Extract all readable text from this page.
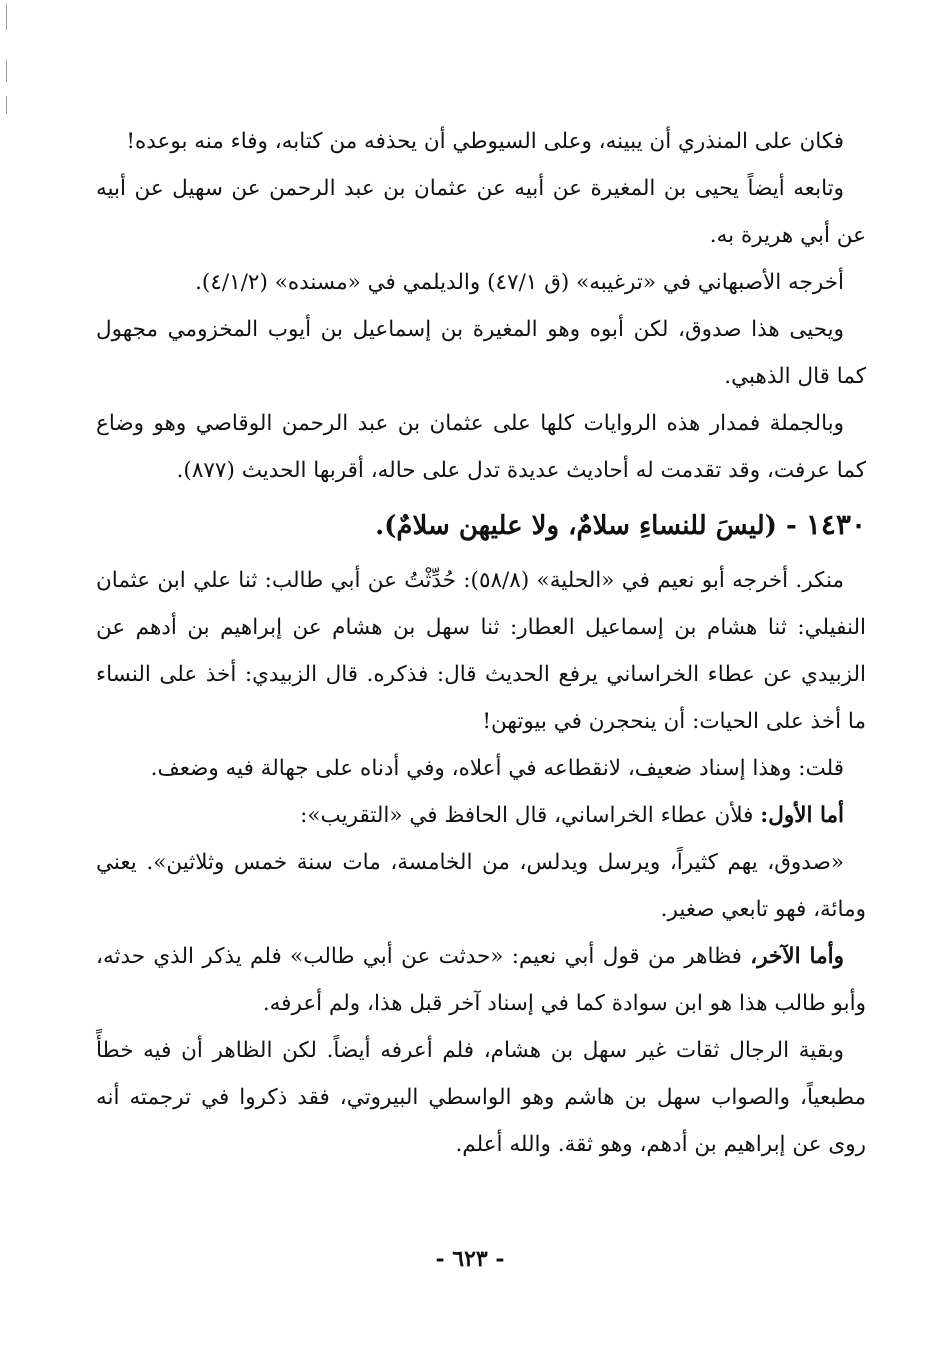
فكان على المنذري أن يبينه، وعلى السيوطي أن يحذفه من كتابه، وفاء منه بوعده!

وتابعه أيضاً يحيى بن المغيرة عن أبيه عن عثمان بن عبد الرحمن عن سهيل عن أبيه عن أبي هريرة به.

أخرجه الأصبهاني في «ترغيبه» (ق ٤٧/١) والديلمي في «مسنده» (٤/١/٢).

ويحيى هذا صدوق، لكن أبوه وهو المغيرة بن إسماعيل بن أيوب المخزومي مجهول كما قال الذهبي.

وبالجملة فمدار هذه الروايات كلها على عثمان بن عبد الرحمن الوقاصي وهو وضاع كما عرفت، وقد تقدمت له أحاديث عديدة تدل على حاله، أقربها الحديث (٨٧٧).

١٤٣٠ - (ليسَ للنساءِ سلامٌ، ولا عليهن سلامٌ).

منكر. أخرجه أبو نعيم في «الحلية» (٥٨/٨): حُدِّثْتُ عن أبي طالب: ثنا علي ابن عثمان النفيلي: ثنا هشام بن إسماعيل العطار: ثنا سهل بن هشام عن إبراهيم بن أدهم عن الزبيدي عن عطاء الخراساني يرفع الحديث قال: فذكره. قال الزبيدي: أخذ على النساء ما أخذ على الحيات: أن ينحجرن في بيوتهن!

قلت: وهذا إسناد ضعيف، لانقطاعه في أعلاه، وفي أدناه على جهالة فيه وضعف.

أما الأول: فلأن عطاء الخراساني، قال الحافظ في «التقريب»:

«صدوق، يهم كثيراً، ويرسل ويدلس، من الخامسة، مات سنة خمس وثلاثين». يعني ومائة، فهو تابعي صغير.

وأما الآخر، فظاهر من قول أبي نعيم: «حدثت عن أبي طالب» فلم يذكر الذي حدثه، وأبو طالب هذا هو ابن سوادة كما في إسناد آخر قبل هذا، ولم أعرفه.

وبقية الرجال ثقات غير سهل بن هشام، فلم أعرفه أيضاً. لكن الظاهر أن فيه خطأً مطبعياً، والصواب سهل بن هاشم وهو الواسطي البيروتي، فقد ذكروا في ترجمته أنه روى عن إبراهيم بن أدهم، وهو ثقة. والله أعلم.

- ٦٢٣ -
